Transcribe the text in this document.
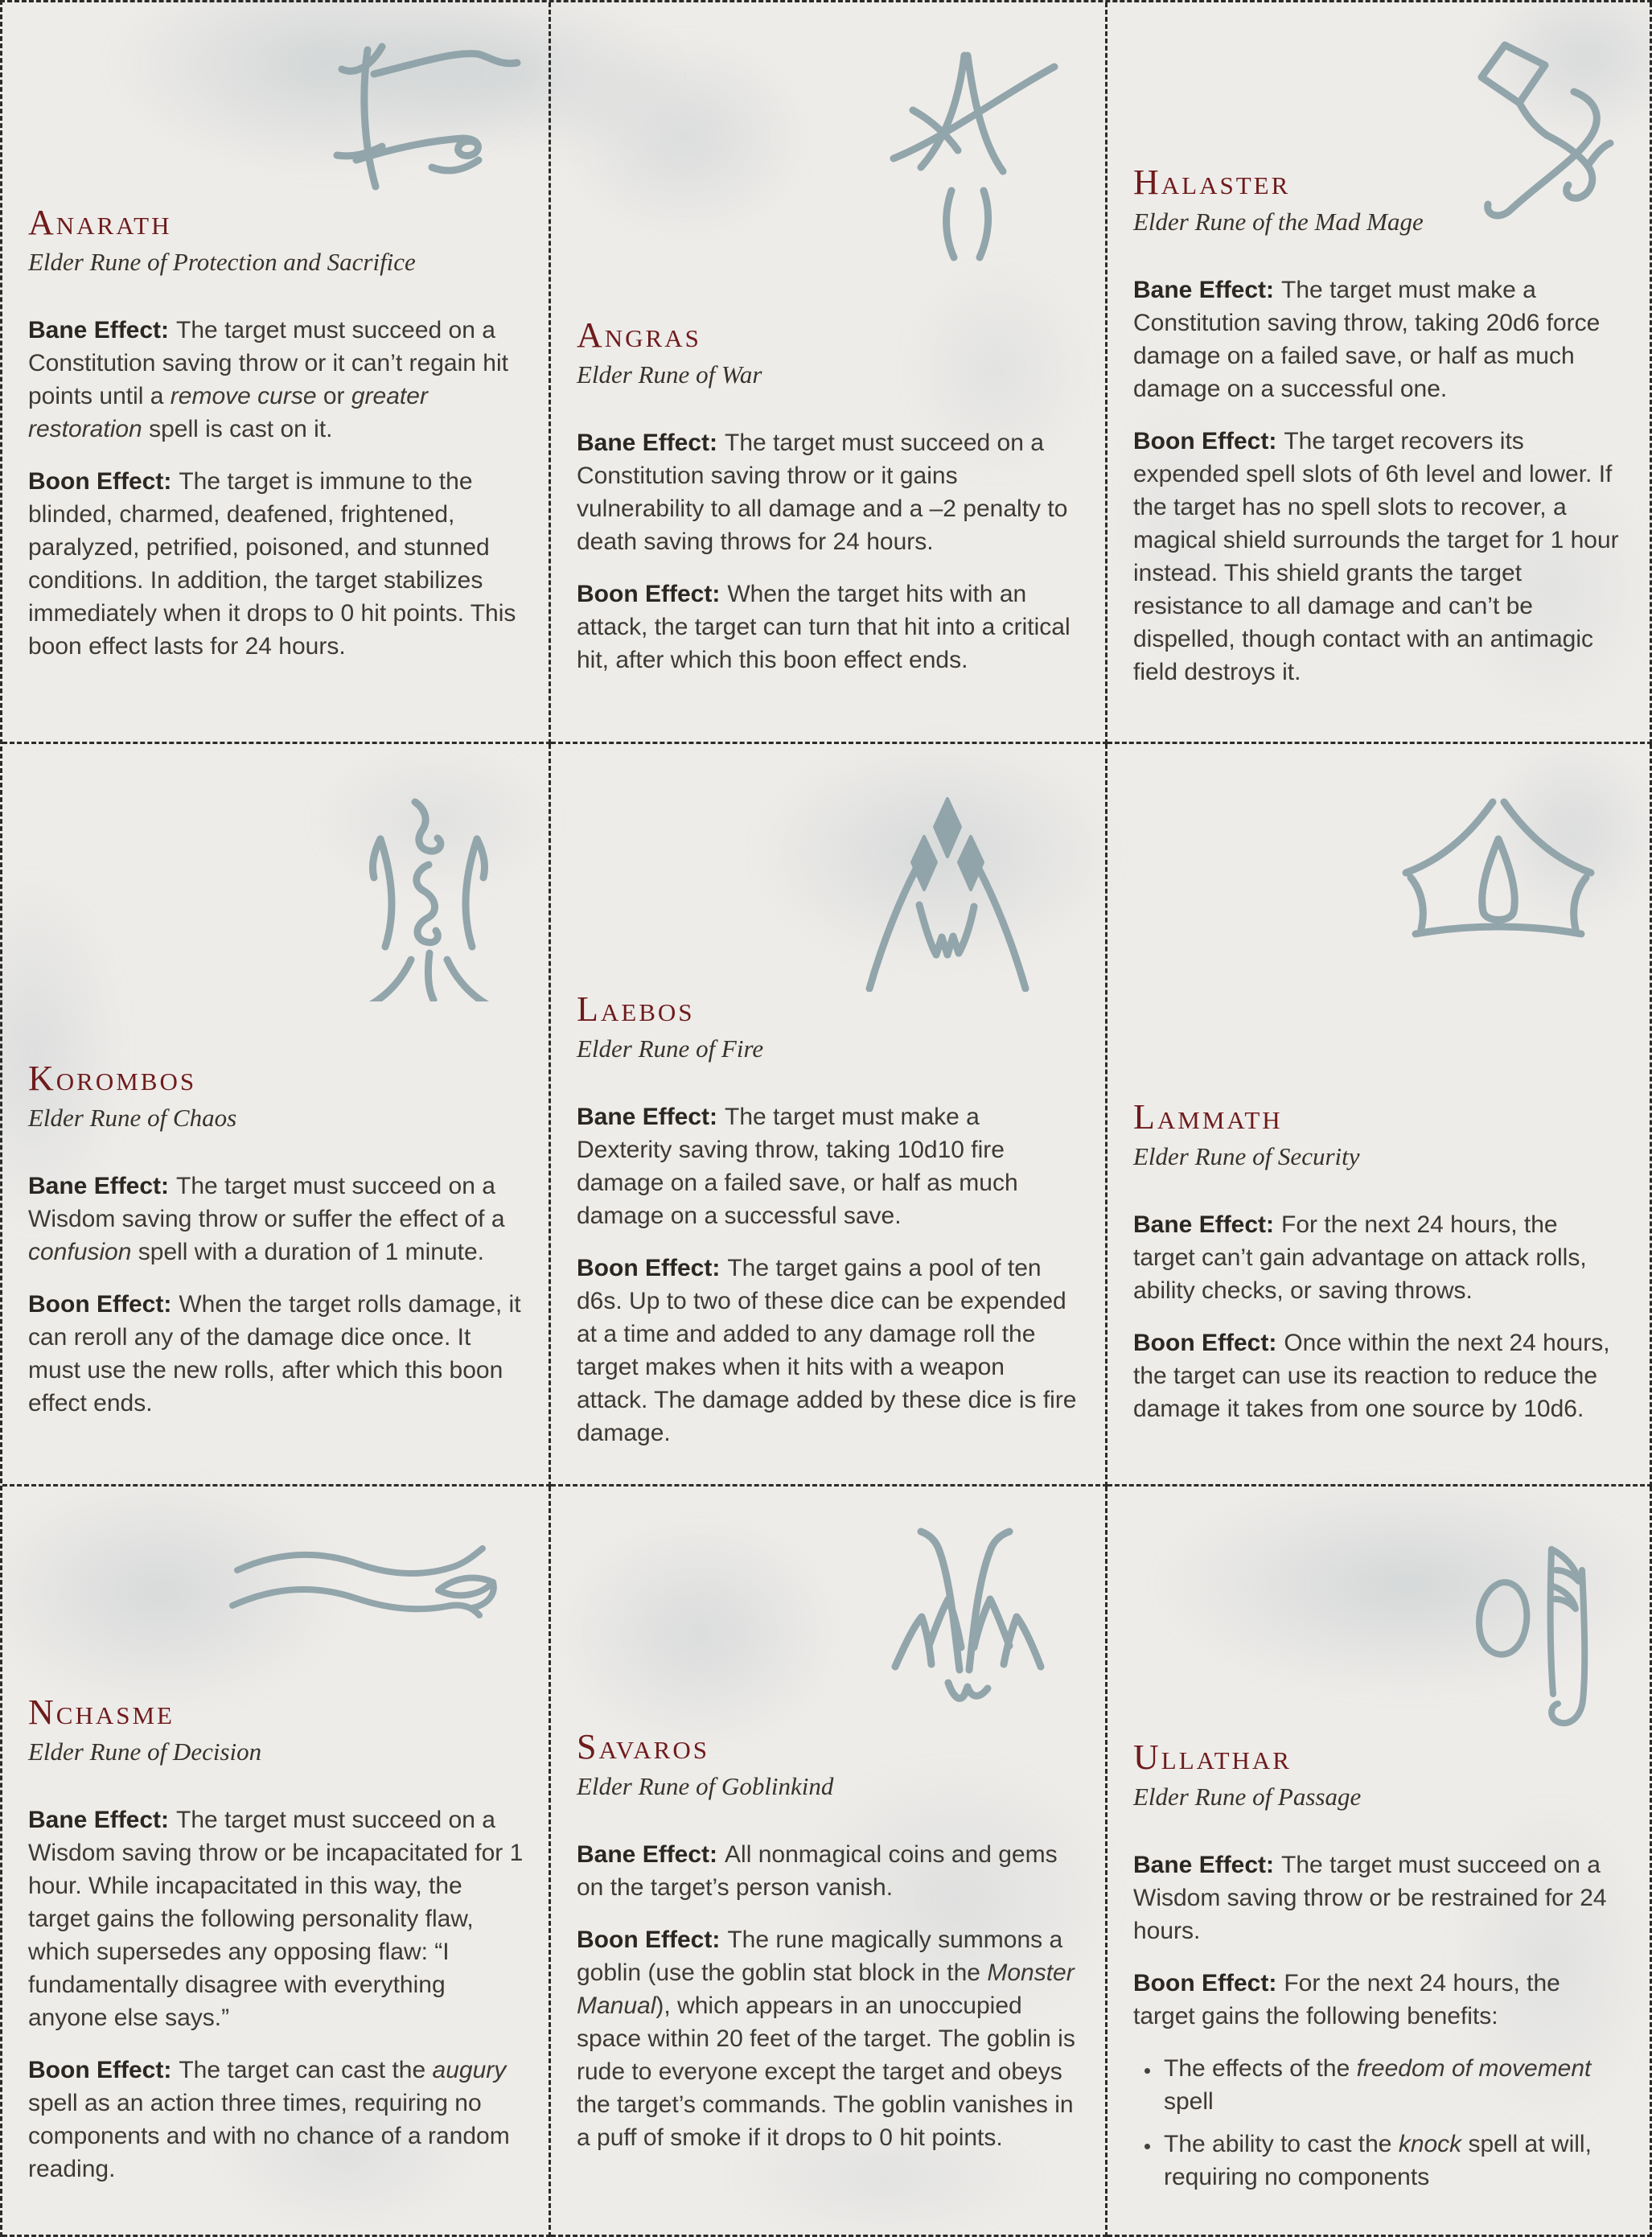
Anarath

Elder Rune of Protection and Sacrifice

Bane Effect: The target must succeed on a Constitution saving throw or it can’t regain hit points until a remove curse or greater restoration spell is cast on it.

Boon Effect: The target is immune to the blinded, charmed, deafened, frightened, paralyzed, petrified, poisoned, and stunned conditions. In addition, the target stabilizes immediately when it drops to 0 hit points. This boon effect lasts for 24 hours.

Angras

Elder Rune of War

Bane Effect: The target must succeed on a Constitution saving throw or it gains vulnerability to all damage and a –2 penalty to death saving throws for 24 hours.

Boon Effect: When the target hits with an attack, the target can turn that hit into a critical hit, after which this boon effect ends.

Halaster

Elder Rune of the Mad Mage

Bane Effect: The target must make a Constitution saving throw, taking 20d6 force damage on a failed save, or half as much damage on a successful one.

Boon Effect: The target recovers its expended spell slots of 6th level and lower. If the target has no spell slots to recover, a magical shield surrounds the target for 1 hour instead. This shield grants the target resistance to all damage and can’t be dispelled, though contact with an antimagic field destroys it.

Korombos

Elder Rune of Chaos

Bane Effect: The target must succeed on a Wisdom saving throw or suffer the effect of a confusion spell with a duration of 1 minute.

Boon Effect: When the target rolls damage, it can reroll any of the damage dice once. It must use the new rolls, after which this boon effect ends.

Laebos

Elder Rune of Fire

Bane Effect: The target must make a Dexterity saving throw, taking 10d10 fire damage on a failed save, or half as much damage on a successful save.

Boon Effect: The target gains a pool of ten d6s. Up to two of these dice can be expended at a time and added to any damage roll the target makes when it hits with a weapon attack. The damage added by these dice is fire damage.

Lammath

Elder Rune of Security

Bane Effect: For the next 24 hours, the target can’t gain advantage on attack rolls, ability checks, or saving throws.

Boon Effect: Once within the next 24 hours, the target can use its reaction to reduce the damage it takes from one source by 10d6.

Nchasme

Elder Rune of Decision

Bane Effect: The target must succeed on a Wisdom saving throw or be incapacitated for 1 hour. While incapacitated in this way, the target gains the following personality flaw, which supersedes any opposing flaw: “I fundamentally disagree with everything anyone else says.”

Boon Effect: The target can cast the augury spell as an action three times, requiring no components and with no chance of a random reading.

Savaros

Elder Rune of Goblinkind

Bane Effect: All nonmagical coins and gems on the target’s person vanish.

Boon Effect: The rune magically summons a goblin (use the goblin stat block in the Monster Manual), which appears in an unoccupied space within 20 feet of the target. The goblin is rude to everyone except the target and obeys the target’s commands. The goblin vanishes in a puff of smoke if it drops to 0 hit points.

Ullathar

Elder Rune of Passage

Bane Effect: The target must succeed on a Wisdom saving throw or be restrained for 24 hours.

Boon Effect: For the next 24 hours, the target gains the following benefits:

• The effects of the freedom of movement spell
• The ability to cast the knock spell at will, requiring no components
